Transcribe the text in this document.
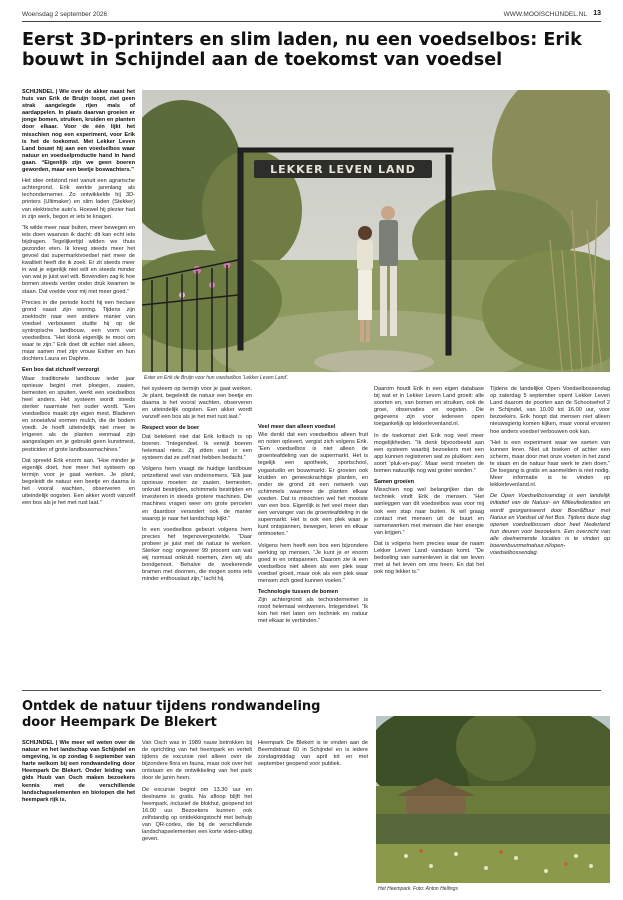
Woensdag 2 september 2026	WWW.MOOISCHIJNDEL.NL 13
Eerst 3D-printers en slim laden, nu een voedselbos: Erik bouwt in Schijndel aan de toekomst van voedsel

SCHIJNDEL | Wie over de akker naast het huis van Erik de Bruijn loopt, ziet geen strak aangelegde rijen maïs of aardappelen. In plaats daarvan groeien er jonge bomen, struiken, kruiden en planten door elkaar. Voor de één lijkt het misschien nog een experiment, voor Erik is het de toekomst. Met Lekker Leven Land bouwt hij aan een voedselbos waar natuur en voedselproductie hand in hand gaan. “Eigenlijk zijn we geen boeren geworden, maar een beetje boswachters.”

Het idee ontstond niet vanuit een agrarische achtergrond. Erik werkte jarenlang als techondernemer. Zo ontwikkelde hij 3D-printers (Ultimaker) en slim laden (Stekker) van elektrische auto's. Hoewel hij plezier had in zijn werk, begon er iets te knagen.

“Ik wilde meer naar buiten, meer bewegen en iets doen waarvan ik dacht: dit kan echt iets bijdragen. Tegelijkertijd wilden we thuis gezonder eten. Ik kreeg steeds meer het gevoel dat supermarktvoedsel niet meer de kwaliteit heeft die ik zoek. Er zit steeds meer in wat je eigenlijk niet wilt en steeds minder van wat je juist wel wilt. Bovendien zag ik hoe bomen steeds verder onder druk kwamen te staan. Dat voelde voor mij niet meer goed.”

Precies in die periode kocht hij een hectare grond naast zijn woning. Tijdens zijn zoektocht naar een andere manier van voedsel verbouwen stuitte hij op de syntropische landbouw, een vorm van voedselbos. “Het klonk eigenlijk te mooi om waar te zijn.” Erik doet dit echter niet alleen, maar samen met zijn vrouw Esther en hun dochters Laura en Daphne.

Een bos dat zichzelf verzorgt

Waar traditionele landbouw ieder jaar opnieuw begint met ploegen, zaaien, bemesten en spuiten, werkt een voedselbos heel anders. Het systeem wordt steeds sterker naarmate het ouder wordt. “Een voedselbos maakt zijn eigen mest. Bladeren en snoeiafval vormen mulch, die de bodem voedt. Je hoeft uiteindelijk niet meer te irrigeren als de planten eenmaal zijn aangeslagen en je gebruikt geen kunstmest, pesticiden of grote landbouwmachines.”

Dat spreekt Erik enorm aan. “Hoe minder je eigenlijk doet, hoe meer het systeem op termijn voor je gaat werken. Je plant, begeleidt de natuur een beetje en daarna is het vooral wachten, observeren en uiteindelijk oogsten. Een akker wordt vanzelf een bos als je het met rust laat.”

LEKKER LEVEN LAND
Ester en Erik de Bruijn voor hun voedselbos 'Lekker Leven Land'.

het systeem op termijn voor je gaat werken. Je plant, begeleidt de natuur een beetje en daarna is het vooral wachten, observeren en uiteindelijk oogsten. Een akker wordt vanzelf een bos als je het met rust laat.”

Respect voor de boer

Dat betekent niet dat Erik kritisch is op boeren. “Integendeel. Ik verwijt boeren helemaal niets. Zij zitten vast in een systeem dat ze zelf niet hebben bedacht.”

Volgens hem vraagt de huidige landbouw ontzettend veel van ondernemers. “Elk jaar opnieuw moeten ze zaaien, bemesten, onkruid bestrijden, schimmels bestrijden en investeren in steeds grotere machines. Die machines vragen weer om grote percelen en daardoor verandert ook de manier waarop je naar het landschap kijkt.”

In een voedselbos gebeurt volgens hem precies het tegenovergestelde. “Daar probeer je juist met de natuur te werken. Sterker nog: ongeveer 99 procent van wat wij normaal onkruid noemen, zien wij als bondgenoot. Behalve de woekerende bramen met doornen, die mogen soms iets minder enthousiast zijn,” lacht hij.

Veel meer dan alleen voedsel

Wie denkt dat een voedselbos alleen fruit en noten oplevert, vergist zich volgens Erik. “Een voedselbos is niet alleen de groenteafdeling van de supermarkt. Het is tegelijk een apotheek, sportschool, yogastudio en bouwmarkt. Er groeien ook kruiden en geneeskrachtige planten, en onder de grond zit een netwerk van schimmels waarmee de planten elkaar voeden. Dat is misschien wel het mooiste van een bos. Eigenlijk is het veel meer dan een vervanger van de groenteafdeling in de supermarkt. Het is ook een plek waar je kunt ontspannen, bewegen, leren en elkaar ontmoeten.”

Volgens hem heeft een bos een bijzondere werking op mensen. “Je kunt je er enorm goed in en ontspannen. Daarom zie ik een voedselbos niet alleen als een plek waar voedsel groeit, maar ook als een plek waar mensen zich goed kunnen voelen.”

Technologie tussen de bomen

Zijn achtergrond als techondernemer is nooit helemaal verdwenen. Integendeel. “Ik kon het niet laten om techniek en natuur met elkaar te verbinden.”

Daarom houdt Erik in een eigen database bij wat er in Lekker Leven Land groeit: alle soorten en, van bomen en struiken, ook de groei, observaties en oogsten. Die gegevens zijn voor iedereen open toegankelijk op lekkerlevenland.nl.

In de toekomst ziet Erik nog veel meer mogelijkheden. “Ik denk bijvoorbeeld aan een systeem waarbij bezoekers met een app kunnen registreren wat ze plukken: een soort ‘pluk-en-pay’. Maar eerst moeten de bomen natuurlijk nog wat groter worden.”

Samen groeien

Misschien nog wel belangrijker dan de techniek vindt Erik de mensen. “Het aanleggen van dit voedselbos was voor mij ook een stap naar buiten. Ik wil graag contact met mensen uit de buurt en samenwerken met mensen die hier energie van krijgen.”

Dat is volgens hem precies waar de naam Lekker Leven Land vandaan komt. “De bedoeling van samenleven is dat we leven met al het leven om ons heen. En dat het ook nog lekker is.”

Tijdens de landelijke Open Voedselbossendag op zaterdag 5 september opent Lekker Leven Land daarom de poorten aan de Schootsehof 2 in Schijndel, van 10.00 tot 16.00 uur, voor bezoekers. Erik hoopt dat mensen niet alleen nieuwsgierig komen kijken, maar vooral ervaren hoe anders voedsel verbouwen ook kan.

“Het is een experiment waar we samen van kunnen leren. Niet uit boeken of achter een scherm, maar door met onze voeten in het zand te staan en de natuur haar werk te zien doen.” De toegang is gratis en aanmelden is niet nodig. Meer informatie is te vinden op lekkerlevenland.nl.

De Open Voedselbossendag is een landelijk initiatief van de Natuur- en Milieufederaties en wordt georganiseerd door Boer&Buur met Natuur en Voedsel uit het Bos. Tijdens deze dag openen voedselbossen door heel Nederland hun deuren voor bezoekers. Een overzicht van alle deelnemende locaties is te vinden op boerenbuurmetnatuur.nl/open-voedselbossendag.

Ontdek de natuur tijdens rondwandeling door Heempark De Blekert

SCHIJNDEL | Wie meer wil weten over de natuur en het landschap van Schijndel en omgeving, is op zondag 6 september van harte welkom bij een rondwandeling door Heempark De Blekert. Onder leiding van gids Huub van Osch maken bezoekers kennis met de verschillende landschapselementen en biotopen die het heempark rijk is.

Van Osch was in 1989 nauw betrokken bij de oprichting van het heempark en vertelt tijdens de excursie niet alleen over de bijzondere flora en fauna, maar ook over het ontstaan en de ontwikkeling van het park door de jaren heen.

De excursie begint om 13.30 uur en deelname is gratis. Na afloop blijft het heempark, inclusief de blokhut, geopend tot 16.00 uur. Bezoekers kunnen ook zelfstandig op ontdekkingstocht met behulp van QR-codes, die bij de verschillende landschapselementen een korte video-uitleg geven.

Heempark De Blekert is te vinden aan de Beemdstraat 60 in Schijndel en is iedere zondagmiddag van april tot en met september geopend voor publiek.

Het Heempark. Foto: Anton Hellings
